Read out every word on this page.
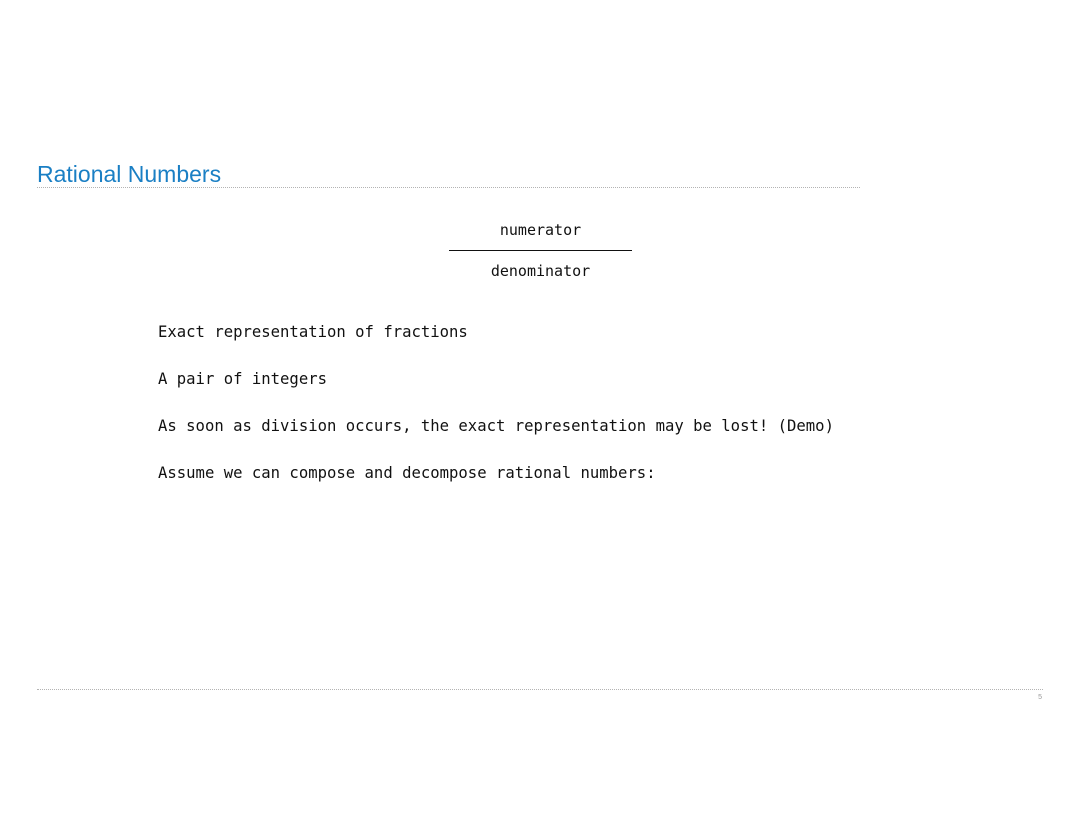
Rational Numbers
numerator
denominator
Exact representation of fractions
A pair of integers
As soon as division occurs, the exact representation may be lost! (Demo)
Assume we can compose and decompose rational numbers:
5
